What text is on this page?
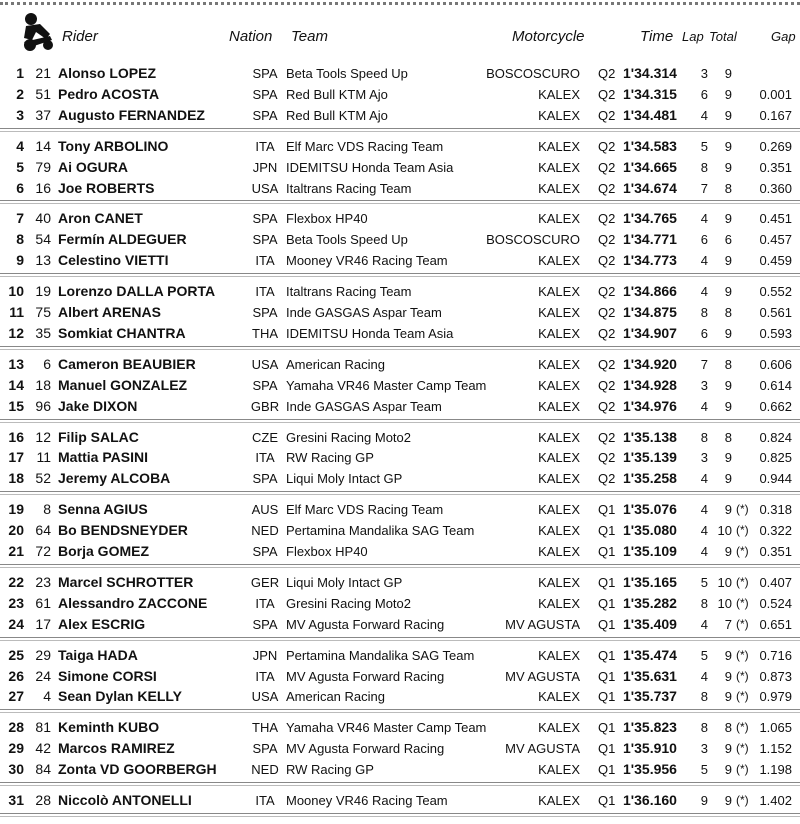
Rider	Nation Team	Motorcycle	Time Lap Total	Gap
1 21 Alonso LOPEZ	SPA Beta Tools Speed Up	BOSCOSCURO Q2 1'34.314	3	9
2 51 Pedro ACOSTA	SPA Red Bull KTM Ajo	KALEX Q2 1'34.315	6	9 0.001
3 37 Augusto FERNANDEZ	SPA Red Bull KTM Ajo	KALEX Q2 1'34.481	4	9 0.167
4 14 Tony ARBOLINO	ITA Elf Marc VDS Racing Team	KALEX Q2 1'34.583	5	9 0.269
5 79 Ai OGURA	JPN IDEMITSU Honda Team Asia	KALEX Q2 1'34.665	8	9 0.351
6 16 Joe ROBERTS	USA Italtrans Racing Team	KALEX Q2 1'34.674	7	8 0.360
7 40 Aron CANET	SPA Flexbox HP40	KALEX Q2 1'34.765	4	9 0.451
8 54 Fermín ALDEGUER	SPA Beta Tools Speed Up	BOSCOSCURO Q2 1'34.771	6	6 0.457
9 13 Celestino VIETTI	ITA Mooney VR46 Racing Team	KALEX Q2 1'34.773	4	9 0.459
10 19 Lorenzo DALLA PORTA	ITA Italtrans Racing Team	KALEX Q2 1'34.866	4	9 0.552
11 75 Albert ARENAS	SPA Inde GASGAS Aspar Team	KALEX Q2 1'34.875	8	8 0.561
12 35 Somkiat CHANTRA	THA IDEMITSU Honda Team Asia	KALEX Q2 1'34.907	6	9 0.593
13	6 Cameron BEAUBIER	USA American Racing	KALEX Q2 1'34.920	7	8 0.606
14 18 Manuel GONZALEZ	SPA Yamaha VR46 Master Camp Team	KALEX Q2 1'34.928	3	9 0.614
15 96 Jake DIXON	GBR Inde GASGAS Aspar Team	KALEX Q2 1'34.976	4	9 0.662
16 12 Filip SALAC	CZE Gresini Racing Moto2	KALEX Q2 1'35.138	8	8 0.824
17 11 Mattia PASINI	ITA RW Racing GP	KALEX Q2 1'35.139	3	9 0.825
18 52 Jeremy ALCOBA	SPA Liqui Moly Intact GP	KALEX Q2 1'35.258	4	9 0.944
19	8 Senna AGIUS	AUS Elf Marc VDS Racing Team	KALEX Q1 1'35.076	4	9 (*) 0.318
20 64 Bo BENDSNEYDER	NED Pertamina Mandalika SAG Team	KALEX Q1 1'35.080	4 10 (*) 0.322
21 72 Borja GOMEZ	SPA Flexbox HP40	KALEX Q1 1'35.109	4	9 (*) 0.351
22 23 Marcel SCHROTTER	GER Liqui Moly Intact GP	KALEX Q1 1'35.165	5 10 (*) 0.407
23 61 Alessandro ZACCONE	ITA Gresini Racing Moto2	KALEX Q1 1'35.282	8 10 (*) 0.524
24 17 Alex ESCRIG	SPA MV Agusta Forward Racing	MV AGUSTA Q1 1'35.409	4	7 (*) 0.651
25 29 Taiga HADA	JPN Pertamina Mandalika SAG Team	KALEX Q1 1'35.474	5	9 (*) 0.716
26 24 Simone CORSI	ITA MV Agusta Forward Racing	MV AGUSTA Q1 1'35.631	4	9 (*) 0.873
27	4 Sean Dylan KELLY	USA American Racing	KALEX Q1 1'35.737	8	9 (*) 0.979
28 81 Keminth KUBO	THA Yamaha VR46 Master Camp Team	KALEX Q1 1'35.823	8	8 (*) 1.065
29 42 Marcos RAMIREZ	SPA MV Agusta Forward Racing	MV AGUSTA Q1 1'35.910	3	9 (*) 1.152
30 84 Zonta VD GOORBERGH	NED RW Racing GP	KALEX Q1 1'35.956	5	9 (*) 1.198
31 28 Niccolò ANTONELLI	ITA Mooney VR46 Racing Team	KALEX Q1 1'36.160	9	9 (*) 1.402
